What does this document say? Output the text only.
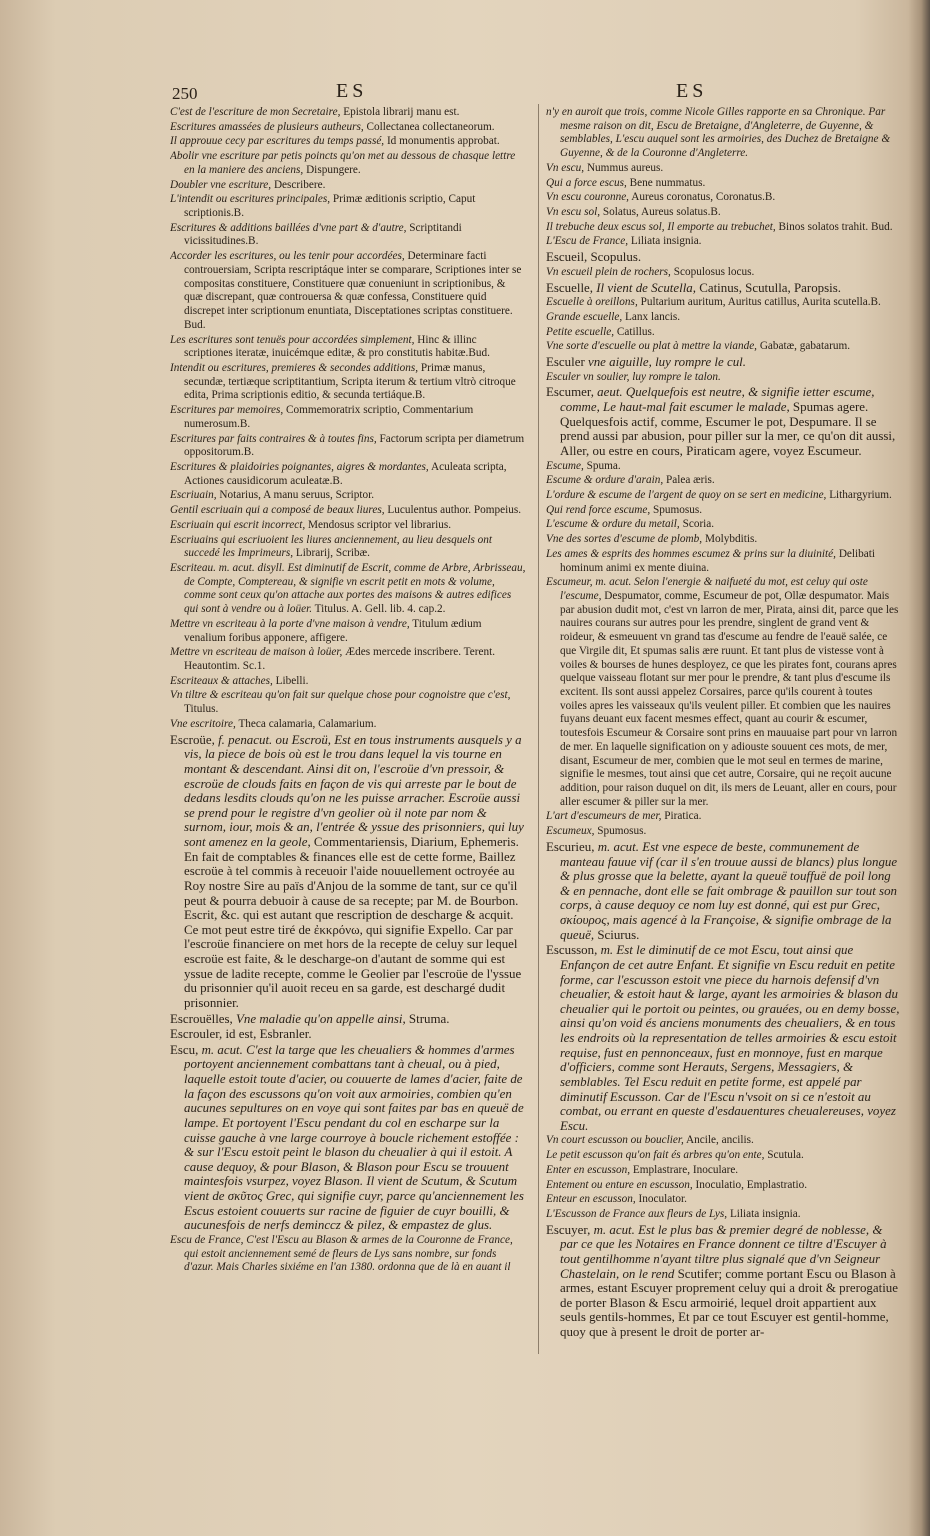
250	ES	ES
C'est de l'escriture de mon Secretaire, Epistola librarij manu est.
Escritures amassées de plusieurs autheurs, Collectanea collectaneorum.
Il approuue cecy par escritures du temps passé, Id monumentis approbat.
Abolir vne escriture par petis poincts qu'on met au dessous de chasque lettre en la maniere des anciens, Dispungere.
Doubler vne escriture, Describere.
L'intendit ou escritures principales, Primæ æditionis scriptio, Caput scriptionis.B.
Escritures & additions baillées d'vne part & d'autre, Scriptitandi vicissitudines.B.
Accorder les escritures, ou les tenir pour accordées, Determinare facti controuersiam, Scripta rescriptáque inter se comparare, Scriptiones inter se compositas constituere, Constituere quæ conueniunt in scriptionibus, & quæ discrepant, quæ controuersa & quæ confessa, Constituere quid discrepet inter scriptionum enuntiata, Disceptationes scriptas constituere. Bud.
Les escritures sont tenuës pour accordées simplement, Hinc & illinc scriptiones iteratæ, inuicémque editæ, & pro constitutis habitæ.Bud.
Intendit ou escritures, premieres & secondes additions, Primæ manus, secundæ, tertiæque scriptitantium, Scripta iterum & tertium vltrò citroque edita, Prima scriptionis editio, & secunda tertiáque.B.
Escritures par memoires, Commemoratrix scriptio, Commentarium numerosum.B.
Escritures par faits contraires & à toutes fins, Factorum scripta per diametrum oppositorum.B.
Escritures & plaidoiries poignantes, aigres & mordantes, Aculeata scripta, Actiones causidicorum aculeatæ.B.
Escriuain, Notarius, A manu seruus, Scriptor.
Gentil escriuain qui a composé de beaux liures, Luculentus author. Pompeius.
Escriuain qui escrit incorrect, Mendosus scriptor vel librarius.
Escriuains qui escriuoient les liures anciennement, au lieu desquels ont succedé les Imprimeurs, Librarij, Scribæ.
Escriteau. m. acut. disyll. Est diminutif de Escrit, comme de Arbre, Arbrisseau, de Compte, Comptereau, & signifie vn escrit petit en mots & volume, comme sont ceux qu'on attache aux portes des maisons & autres edifices qui sont à vendre ou à loüer. Titulus. A. Gell. lib. 4. cap.2.
Mettre vn escriteau à la porte d'vne maison à vendre, Titulum ædium venalium foribus apponere, affigere.
Mettre vn escriteau de maison à loüer, Ædes mercede inscribere. Terent. Heautontim. Sc.1.
Escriteaux & attaches, Libelli.
Vn tiltre & escriteau qu'on fait sur quelque chose pour cognoistre que c'est, Titulus.
Vne escritoire, Theca calamaria, Calamarium.
Escroüe, f. penacut. ou Escroü, Est en tous instruments ausquels y a vis, la piece de bois où est le trou dans lequel la vis tourne en montant & descendant. Ainsi dit on, l'escroüe d'vn pressoir, & escroüe de clouds faits en façon de vis qui arreste par le bout de dedans lesdits clouds qu'on ne les puisse arracher. Escroüe aussi se prend pour le registre d'vn geolier où il note par nom & surnom, iour, mois & an, l'entrée & yssue des prisonniers, qui luy sont amenez en la geole, Commentariensis, Diarium, Ephemeris. En fait de comptables & finances elle est de cette forme, Baillez escroüe à tel commis à receuoir l'aide nouuellement octroyée au Roy nostre Sire au païs d'Anjou de la somme de tant, sur ce qu'il peut & pourra debuoir à cause de sa recepte; par M. de Bourbon. Escrit, &c. qui est autant que rescription de descharge & acquit. Ce mot peut estre tiré de ἐκκρόνω, qui signifie Expello. Car par l'escroüe financiere on met hors de la recepte de celuy sur lequel escroüe est faite, & le descharge-on d'autant de somme qui est yssue de ladite recepte, comme le Geolier par l'escroüe de l'yssue du prisonnier qu'il auoit receu en sa garde, est deschargé dudit prisonnier.
Escrouëlles, Vne maladie qu'on appelle ainsi, Struma.
Escrouler, id est, Esbranler.
Escu, m. acut. C'est la targe que les cheualiers & hommes d'armes portoyent anciennement combattans tant à cheual, ou à pied, laquelle estoit toute d'acier, ou couuerte de lames d'acier, faite de la façon des escussons qu'on voit aux armoiries, combien qu'en aucunes sepultures on en voye qui sont faites par bas en queuë de lampe. Et portoyent l'Escu pendant du col en escharpe sur la cuisse gauche à vne large courroye à boucle richement estoffée : & sur l'Escu estoit peint le blason du cheualier à qui il estoit. A cause dequoy, & pour Blason, & Blason pour Escu se trouuent maintesfois vsurpez, voyez Blason. Il vient de Scutum, & Scutum vient de σκῦτος Grec, qui signifie cuyr, parce qu'anciennement les Escus estoient couuerts sur racine de figuier de cuyr bouilli, & aucunesfois de nerfs deminccz & pilez, & empastez de glus.
Escu de France, C'est l'Escu au Blason & armes de la Couronne de France, qui estoit anciennement semé de fleurs de Lys sans nombre, sur fonds d'azur. Mais Charles sixiéme en l'an 1380. ordonna que de là en auant il
n'y en auroit que trois, comme Nicole Gilles rapporte en sa Chronique. Par mesme raison on dit, Escu de Bretaigne, d'Angleterre, de Guyenne, & semblables, L'escu auquel sont les armoiries, des Duchez de Bretaigne & Guyenne, & de la Couronne d'Angleterre.
Vn escu, Nummus aureus.
Qui a force escus, Bene nummatus.
Vn escu couronne, Aureus coronatus, Coronatus.B.
Vn escu sol, Solatus, Aureus solatus.B.
Il trebuche deux escus sol, Il emporte au trebuchet, Binos solatos trahit. Bud.
L'Escu de France, Liliata insignia.
Escueil, Scopulus.
Vn escueil plein de rochers, Scopulosus locus.
Escuelle, Il vient de Scutella, Catinus, Scutulla, Paropsis.
Escuelle à oreillons, Pultarium auritum, Auritus catillus, Aurita scutella.B.
Grande escuelle, Lanx lancis.
Petite escuelle, Catillus.
Vne sorte d'escuelle ou plat à mettre la viande, Gabatæ, gabatarum.
Esculer vne aiguille, luy rompre le cul.
Esculer vn soulier, luy rompre le talon.
Escumer, aeut. Quelquefois est neutre, & signifie ietter escume, comme, Le haut-mal fait escumer le malade, Spumas agere. Quelquesfois actif, comme, Escumer le pot, Despumare. Il se prend aussi par abusion, pour piller sur la mer, ce qu'on dit aussi, Aller, ou estre en cours, Piraticam agere, voyez Escumeur.
Escume, Spuma.
Escume & ordure d'arain, Palea æris.
L'ordure & escume de l'argent de quoy on se sert en medicine, Lithargyrium.
Qui rend force escume, Spumosus.
L'escume & ordure du metail, Scoria.
Vne des sortes d'escume de plomb, Molybditis.
Les ames & esprits des hommes escumez & prins sur la diuinité, Delibati hominum animi ex mente diuina.
Escumeur, m. acut. Selon l'energie & naifueté du mot, est celuy qui oste l'escume, Despumator, comme, Escumeur de pot, Ollæ despumator. Mais par abusion dudit mot, c'est vn larron de mer, Pirata, ainsi dit, parce que les nauires courans sur autres pour les prendre, singlent de grand vent & roideur, & esmeuuent vn grand tas d'escume au fendre de l'eauë salée, ce que Virgile dit, Et spumas salis ære ruunt. Et tant plus de vistesse vont à voiles & bourses de hunes desployez, ce que les pirates font, courans apres quelque vaisseau flotant sur mer pour le prendre, & tant plus d'escume ils excitent. Ils sont aussi appelez Corsaires, parce qu'ils courent à toutes voiles apres les vaisseaux qu'ils veulent piller. Et combien que les nauires fuyans deuant eux facent mesmes effect, quant au courir & escumer, toutesfois Escumeur & Corsaire sont prins en mauuaise part pour vn larron de mer. En laquelle signification on y adiouste souuent ces mots, de mer, disant, Escumeur de mer, combien que le mot seul en termes de marine, signifie le mesmes, tout ainsi que cet autre, Corsaire, qui ne reçoit aucune addition, pour raison duquel on dit, ils mers de Leuant, aller en cours, pour aller escumer & piller sur la mer.
L'art d'escumeurs de mer, Piratica.
Escumeux, Spumosus.
Escurieu, m. acut. Est vne espece de beste, communement de manteau fauue vif (car il s'en trouue aussi de blancs) plus longue & plus grosse que la belette, ayant la queuë touffuë de poil long & en pennache, dont elle se fait ombrage & pauillon sur tout son corps, à cause dequoy ce nom luy est donné, qui est pur Grec, σκίουρος, mais agencé à la Françoise, & signifie ombrage de la queuë, Sciurus.
Escusson, m. Est le diminutif de ce mot Escu, tout ainsi que Enfançon de cet autre Enfant. Et signifie vn Escu reduit en petite forme, car l'escusson estoit vne piece du harnois defensif d'vn cheualier, & estoit haut & large, ayant les armoiries & blason du cheualier qui le portoit ou peintes, ou grauées, ou en demy bosse, ainsi qu'on void és anciens monuments des cheualiers, & en tous les endroits où la representation de telles armoiries & escu estoit requise, fust en pennonceaux, fust en monnoye, fust en marque d'officiers, comme sont Herauts, Sergens, Messagiers, & semblables. Tel Escu reduit en petite forme, est appelé par diminutif Escusson. Car de l'Escu n'vsoit on si ce n'estoit au combat, ou errant en queste d'esdauentures cheualereuses, voyez Escu.
Vn court escusson ou bouclier, Ancile, ancilis.
Le petit escusson qu'on fait és arbres qu'on ente, Scutula.
Enter en escusson, Emplastrare, Inoculare.
Entement ou enture en escusson, Inoculatio, Emplastratio.
Enteur en escusson, Inoculator.
L'Escusson de France aux fleurs de Lys, Liliata insignia.
Escuyer, m. acut. Est le plus bas & premier degré de noblesse, & par ce que les Notaires en France donnent ce tiltre d'Escuyer à tout gentilhomme n'ayant tiltre plus signalé que d'vn Seigneur Chastelain, on le rend Scutifer; comme portant Escu ou Blason à armes, estant Escuyer proprement celuy qui a droit & prerogatiue de porter Blason & Escu armoirié, lequel droit appartient aux seuls gentils-hommes, Et par ce tout Escuyer est gentil-homme, quoy que à present le droit de porter ar-
